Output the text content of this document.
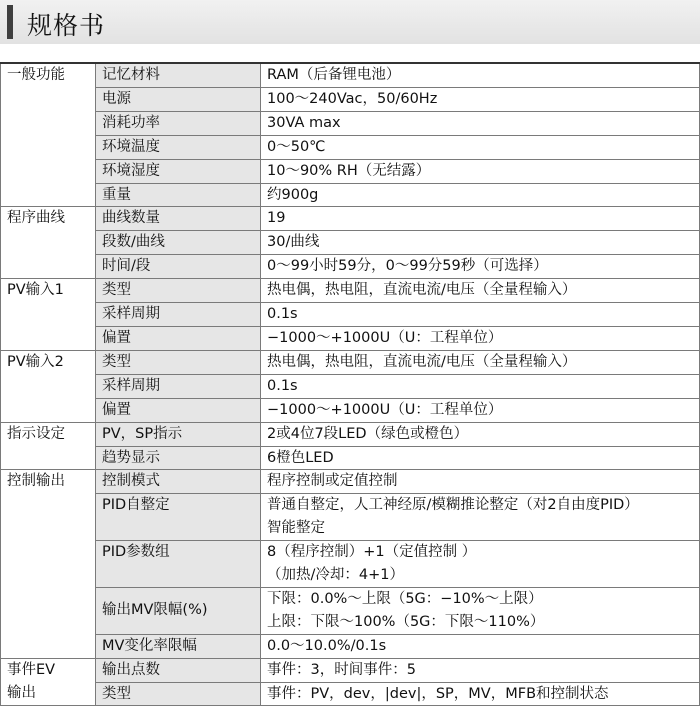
规格书
一般功能	记忆材料	RAM（后备锂电池）
	电源	100～240Vac，50/60Hz
	消耗功率	30VA max
	环境温度	0～50℃
	环境湿度	10～90% RH（无结露）
	重量	约900g
程序曲线	曲线数量	19
	段数/曲线	30/曲线
	时间/段	0～99小时59分，0～99分59秒（可选择）
PV输入1	类型	热电偶，热电阻，直流电流/电压（全量程输入）
	采样周期	0.1s
	偏置	−1000～+1000U（U：工程单位）
PV输入2	类型	热电偶，热电阻，直流电流/电压（全量程输入）
	采样周期	0.1s
	偏置	−1000～+1000U（U：工程单位）
指示设定	PV，SP指示	2或4位7段LED（绿色或橙色）
	趋势显示	6橙色LED
控制输出	控制模式	程序控制或定值控制
	PID自整定	普通自整定，人工神经原/模糊推论整定（对2自由度PID）
智能整定

	PID参数组	8（程序控制）+1（定值控制 ）
（加热/冷却：4+1）

	输出MV限幅(%)	下限：0.0%～上限（5G：−10%～上限）
上限：下限～100%（5G：下限～110%）

	MV变化率限幅	0.0～10.0%/0.1s

事件EV
输出	输出点数	事件：3，时间事件：5
	类型	事件：PV，dev，|dev|，SP，MV，MFB和控制状态
